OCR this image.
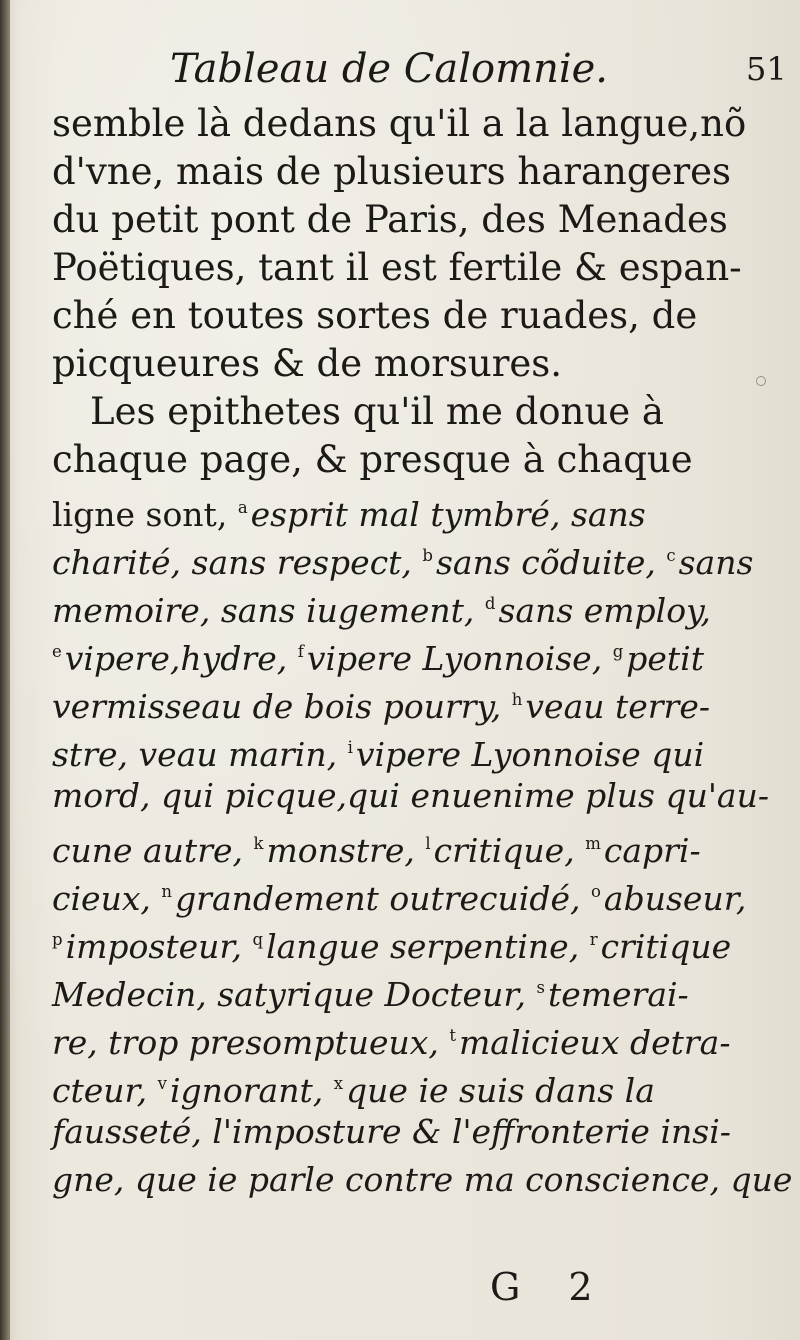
Tableau de Calomnie.	51
semble là dedans qu'il a la langue,nõ
d'vne, mais de plusieurs harangeres
du petit pont de Paris, des Menades
Poëtiques, tant il est fertile & espan-
ché en toutes sortes de ruades, de
picqueures & de morsures.
Les epithetes qu'il me donue à
chaque page, & presque à chaque
ligne sont, $^a$esprit mal tymbré, sans
charité, sans respect, $^b$sans cõduite, $^c$sans
memoire, sans iugement, $^d$sans employ,
$^e$vipere,hydre, $^f$vipere Lyonnoise, $^g$petit
vermisseau de bois pourry, $^h$veau terre-
stre, veau marin, $^i$vipere Lyonnoise qui
mord, qui picque,qui enuenime plus qu'au-
cune autre, $^k$monstre, $^l$critique, $^m$capri-
cieux, $^n$grandement outrecuidé, $^o$abuseur,
$^p$imposteur, $^q$langue serpentine, $^r$critique
Medecin, satyrique Docteur, $^s$temerai-
re, trop presomptueux, $^t$malicieux detra-
cteur, $^v$ignorant, $^x$que ie suis dans la
fausseté, l'imposture & l'effronterie insi-
gne, que ie parle contre ma conscience, que
G 2
